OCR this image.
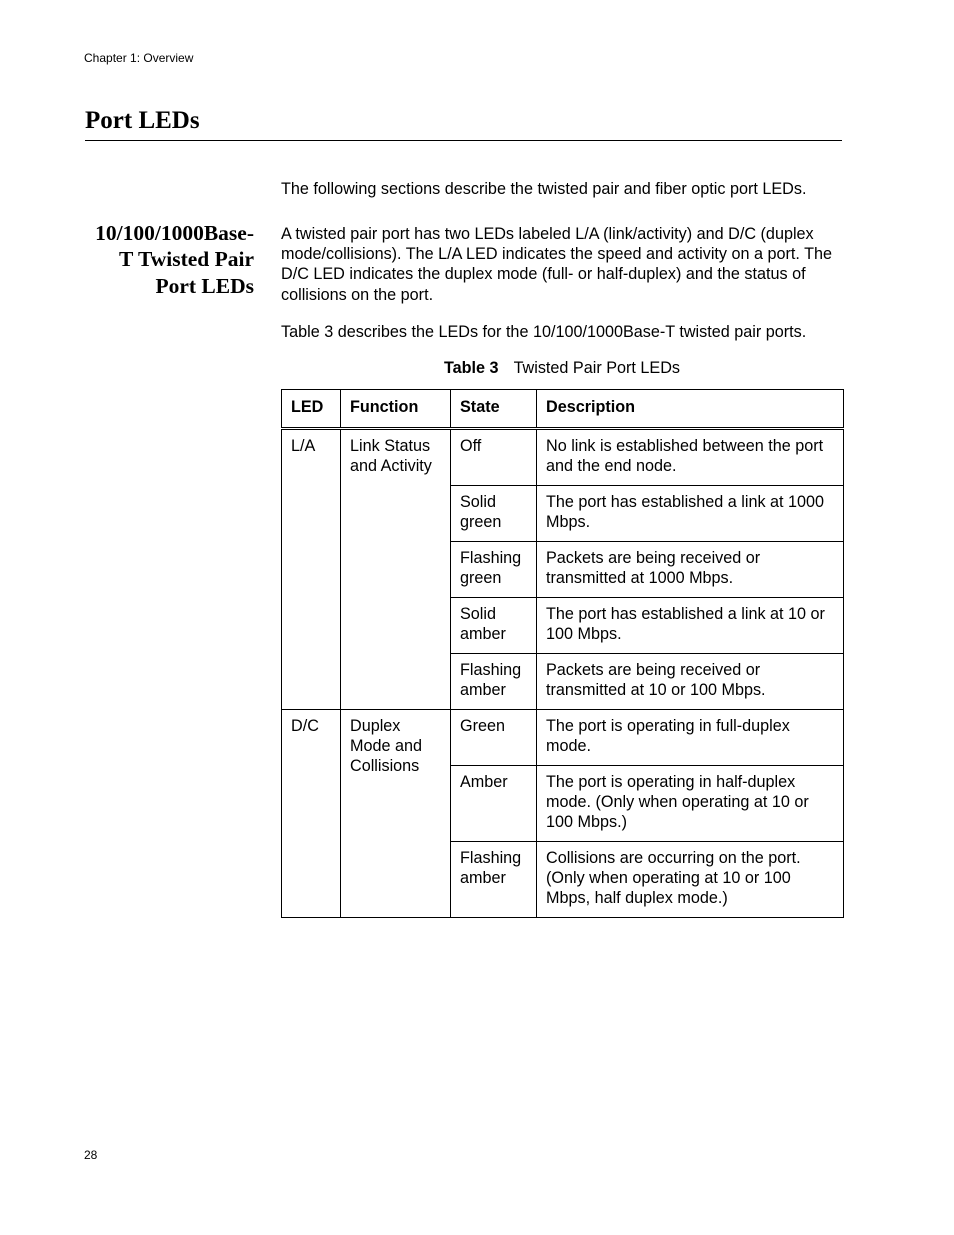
Chapter 1: Overview
Port LEDs

The following sections describe the twisted pair and fiber optic port LEDs.

10/100/1000Base-
T Twisted Pair
Port LEDs

A twisted pair port has two LEDs labeled L/A (link/activity) and D/C (duplex mode/collisions). The L/A LED indicates the speed and activity on a port. The D/C LED indicates the duplex mode (full- or half-duplex) and the status of collisions on the port.

Table 3 describes the LEDs for the 10/100/1000Base-T twisted pair ports.

Table 3 Twisted Pair Port LEDs
LED	Function	State	Description
L/A	Link Status and Activity	Off	No link is established between the port and the end node.
		Solid green	The port has established a link at 1000 Mbps.
		Flashing green	Packets are being received or transmitted at 1000 Mbps.
		Solid amber	The port has established a link at 10 or 100 Mbps.
		Flashing amber	Packets are being received or transmitted at 10 or 100 Mbps.
D/C	Duplex Mode and Collisions	Green	The port is operating in full-duplex mode.
		Amber	The port is operating in half-duplex mode. (Only when operating at 10 or 100 Mbps.)
		Flashing amber	Collisions are occurring on the port. (Only when operating at 10 or 100 Mbps, half duplex mode.)
28
